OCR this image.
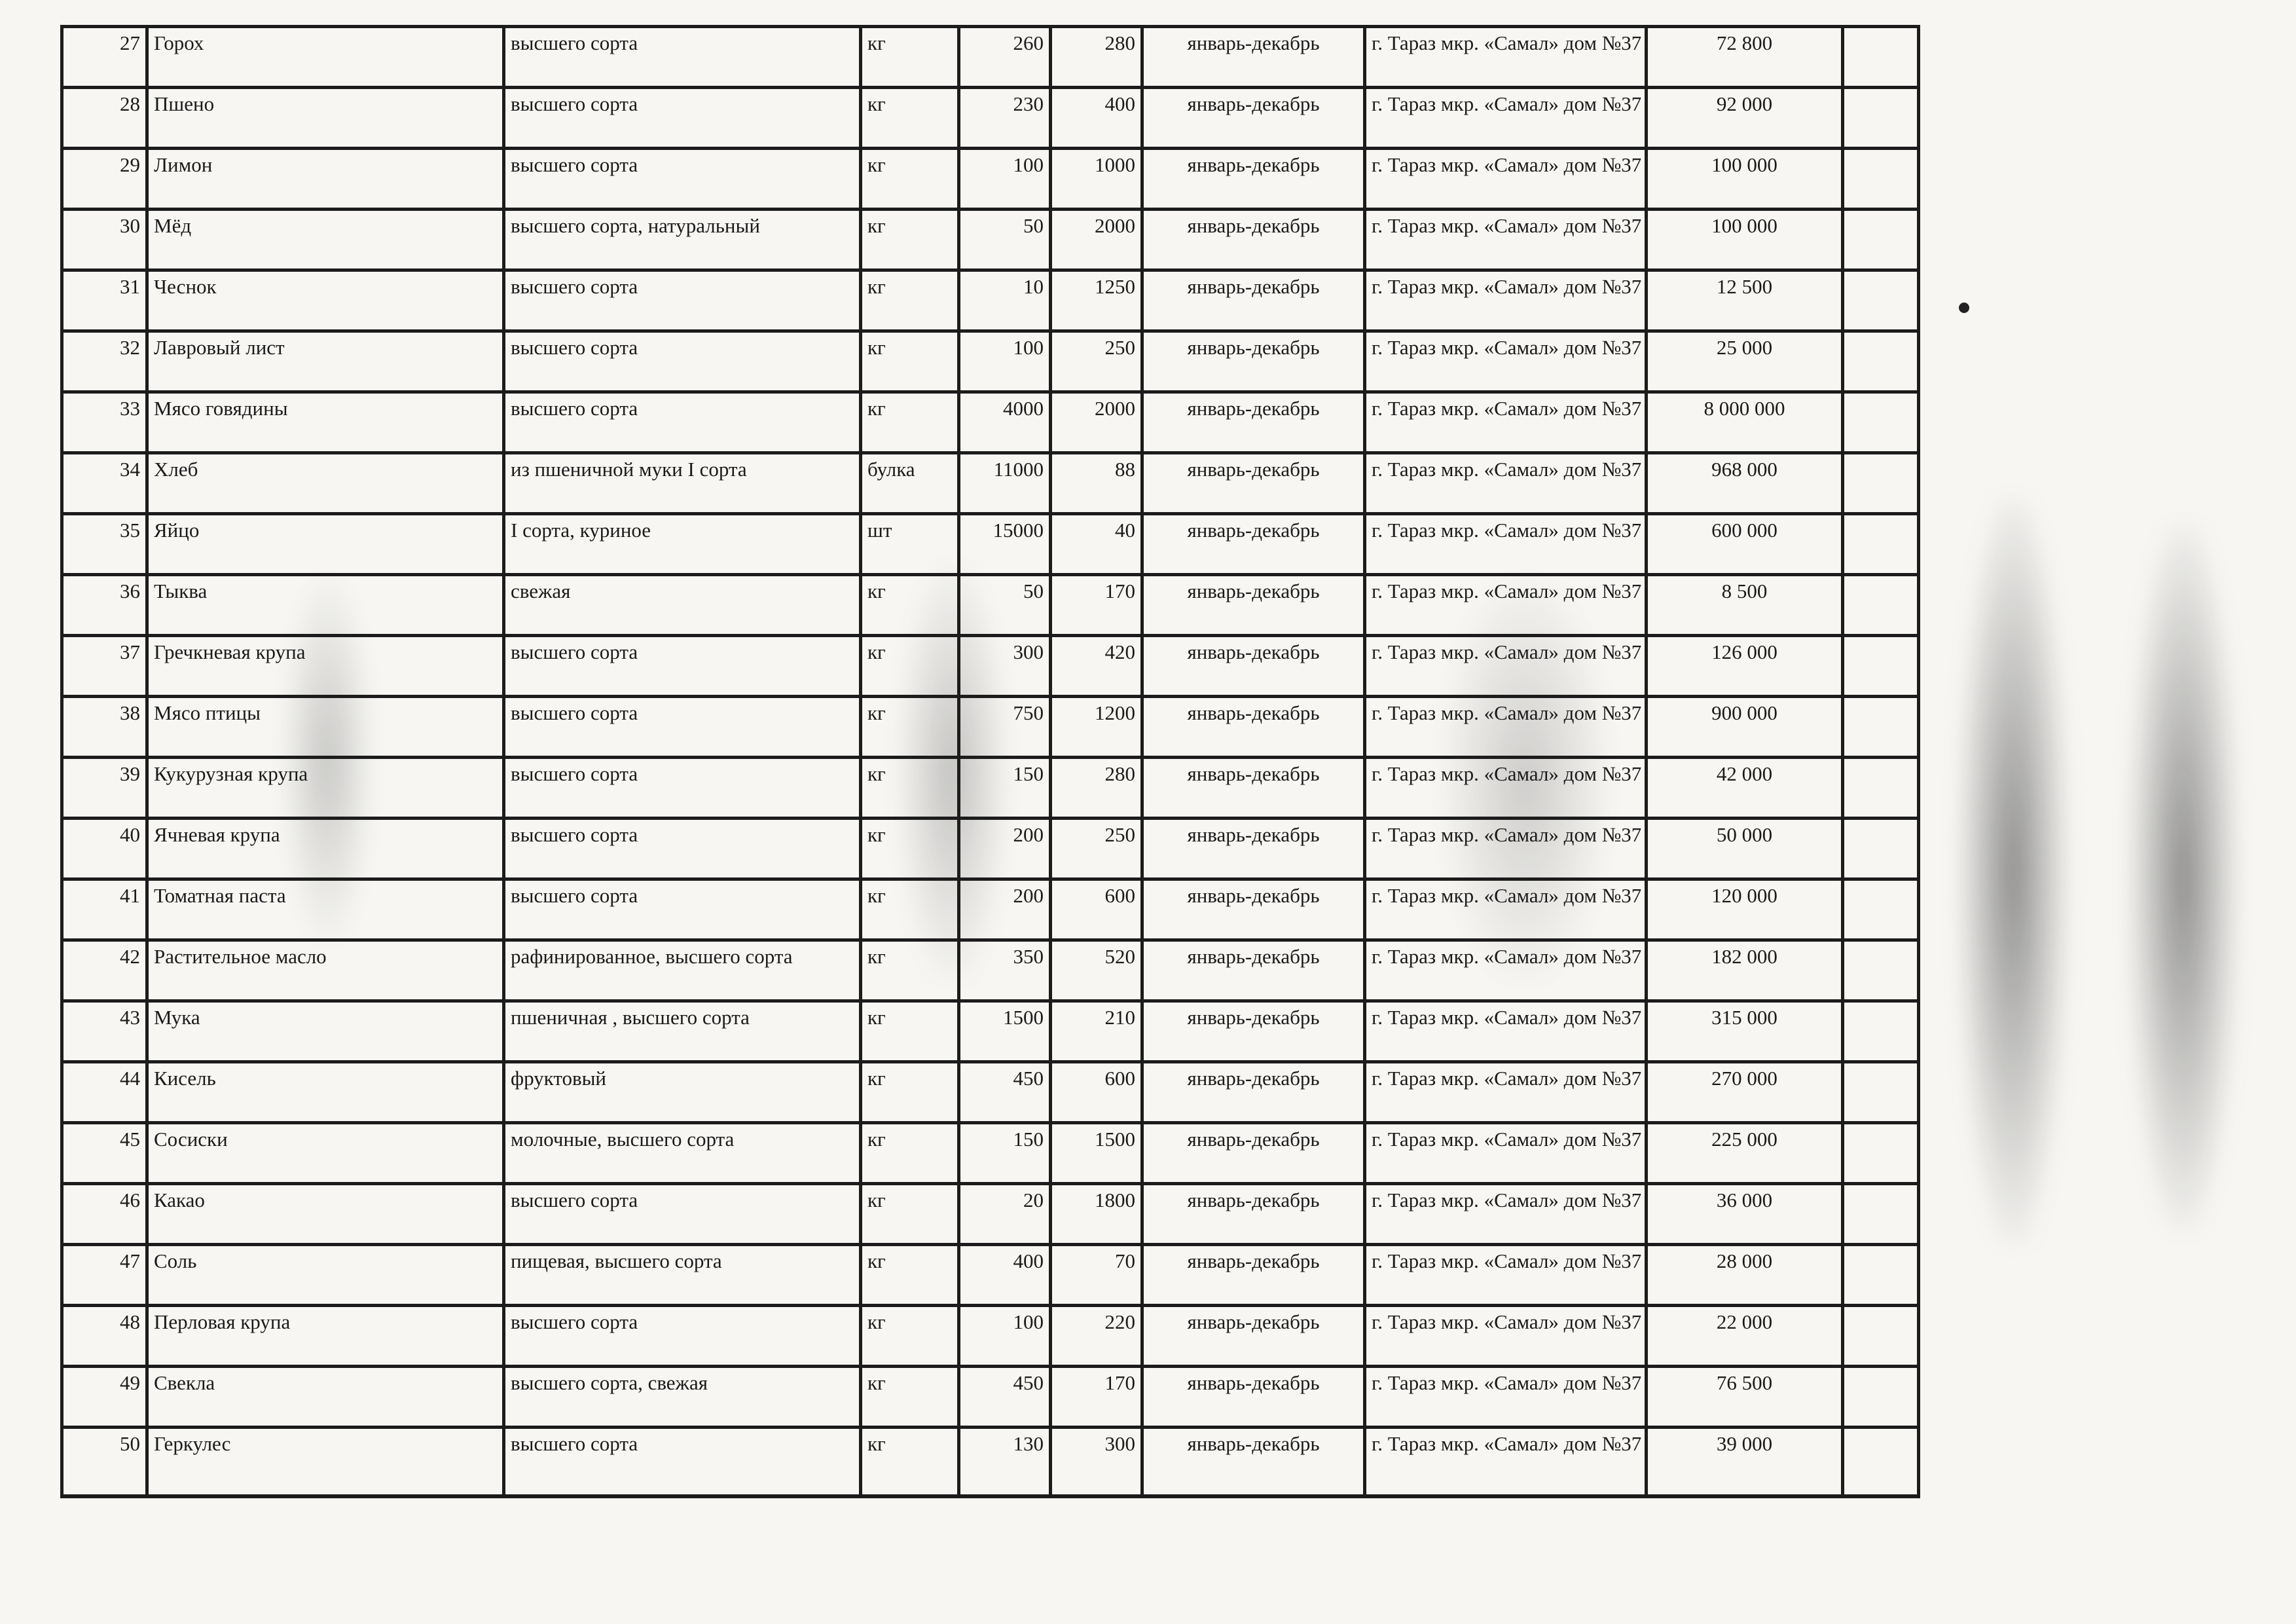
27	Горох	высшего сорта	кг	260	280	январь-декабрь	г. Тараз мкр. «Самал» дом №37	72 800	
28	Пшено	высшего сорта	кг	230	400	январь-декабрь	г. Тараз мкр. «Самал» дом №37	92 000	
29	Лимон	высшего сорта	кг	100	1000	январь-декабрь	г. Тараз мкр. «Самал» дом №37	100 000	
30	Мёд	высшего сорта, натуральный	кг	50	2000	январь-декабрь	г. Тараз мкр. «Самал» дом №37	100 000	
31	Чеснок	высшего сорта	кг	10	1250	январь-декабрь	г. Тараз мкр. «Самал» дом №37	12 500	
32	Лавровый лист	высшего сорта	кг	100	250	январь-декабрь	г. Тараз мкр. «Самал» дом №37	25 000	
33	Мясо говядины	высшего сорта	кг	4000	2000	январь-декабрь	г. Тараз мкр. «Самал» дом №37	8 000 000	
34	Хлеб	из пшеничной муки I сорта	булка	11000	88	январь-декабрь	г. Тараз мкр. «Самал» дом №37	968 000	
35	Яйцо	I сорта, куриное	шт	15000	40	январь-декабрь	г. Тараз мкр. «Самал» дом №37	600 000	
36	Тыква	свежая	кг	50	170	январь-декабрь	г. Тараз мкр. «Самал» дом №37	8 500	
37	Гречкневая крупа	высшего сорта	кг	300	420	январь-декабрь	г. Тараз мкр. «Самал» дом №37	126 000	
38	Мясо птицы	высшего сорта	кг	750	1200	январь-декабрь	г. Тараз мкр. «Самал» дом №37	900 000	
39	Кукурузная крупа	высшего сорта	кг	150	280	январь-декабрь	г. Тараз мкр. «Самал» дом №37	42 000	
40	Ячневая крупа	высшего сорта	кг	200	250	январь-декабрь	г. Тараз мкр. «Самал» дом №37	50 000	
41	Томатная паста	высшего сорта	кг	200	600	январь-декабрь	г. Тараз мкр. «Самал» дом №37	120 000	
42	Растительное масло	рафинированное, высшего сорта	кг	350	520	январь-декабрь	г. Тараз мкр. «Самал» дом №37	182 000	
43	Мука	пшеничная , высшего сорта	кг	1500	210	январь-декабрь	г. Тараз мкр. «Самал» дом №37	315 000	
44	Кисель	фруктовый	кг	450	600	январь-декабрь	г. Тараз мкр. «Самал» дом №37	270 000	
45	Сосиски	молочные, высшего сорта	кг	150	1500	январь-декабрь	г. Тараз мкр. «Самал» дом №37	225 000	
46	Какао	высшего сорта	кг	20	1800	январь-декабрь	г. Тараз мкр. «Самал» дом №37	36 000	
47	Соль	пищевая, высшего сорта	кг	400	70	январь-декабрь	г. Тараз мкр. «Самал» дом №37	28 000	
48	Перловая крупа	высшего сорта	кг	100	220	январь-декабрь	г. Тараз мкр. «Самал» дом №37	22 000	
49	Свекла	высшего сорта, свежая	кг	450	170	январь-декабрь	г. Тараз мкр. «Самал» дом №37	76 500	
50	Геркулес	высшего сорта	кг	130	300	январь-декабрь	г. Тараз мкр. «Самал» дом №37	39 000	
